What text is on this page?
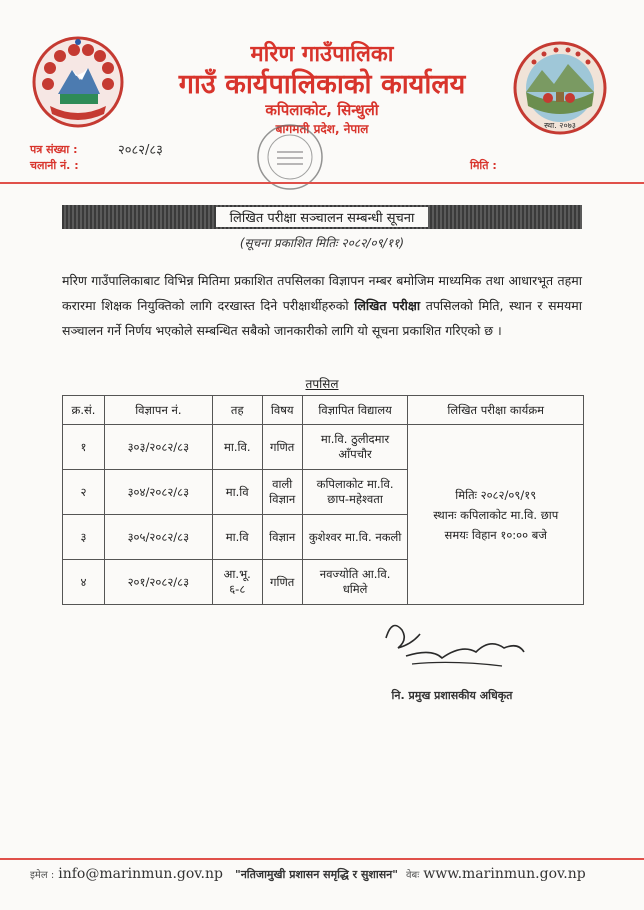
मरिण गाउँपालिका
गाउँ कार्यपालिकाको कार्यालय
कपिलाकोट, सिन्धुली
बागमती प्रदेश, नेपाल	स्था. २०७३
पत्र संख्या :	२०८२/८३
चलानी नं. :	मिति :
लिखित परीक्षा सञ्चालन सम्बन्धी सूचना
(सूचना प्रकाशित मितिः २०८२/०९/११)
मरिण गाउँपालिकाबाट विभिन्न मितिमा प्रकाशित तपसिलका विज्ञापन नम्बर बमोजिम माध्यमिक तथा आधारभूत तहमा करारमा शिक्षक नियुक्तिको लागि दरखास्त दिने परीक्षार्थीहरुको लिखित परीक्षा तपसिलको मिति, स्थान र समयमा सञ्चालन गर्ने निर्णय भएकोले सम्बन्धित सबैको जानकारीको लागि यो सूचना प्रकाशित गरिएको छ ।
तपसिल
क्र.सं.	विज्ञापन नं.	तह	विषय	विज्ञापित विद्यालय	लिखित परीक्षा कार्यक्रम
१	३०३/२०८२/८३	मा.वि.	गणित	मा.वि. ठुलीदमार आँपचौर	मितिः २०८२/०९/१९
स्थानः कपिलाकोट मा.वि. छाप
समयः विहान १०:०० बजे

२	३०४/२०८२/८३	मा.वि	वाली विज्ञान	कपिलाकोट मा.वि. छाप-महेश्वता	
३	३०५/२०८२/८३	मा.वि	विज्ञान	कुशेश्वर मा.वि. नकली	
४	२०१/२०८२/८३	आ.भू. ६-८	गणित	नवज्योति आ.वि. धमिले	
नि. प्रमुख प्रशासकीय अधिकृत
इमेल : info@marinmun.gov.np "नतिजामुखी प्रशासन समृद्धि र सुशासन" वेबः www.marinmun.gov.np
